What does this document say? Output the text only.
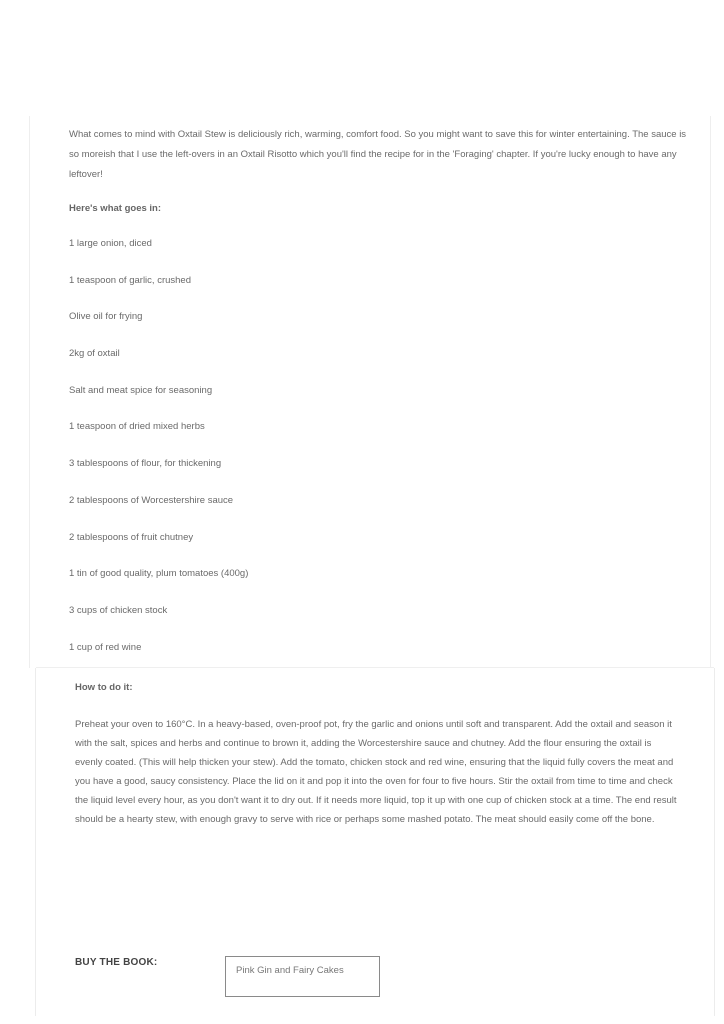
What comes to mind with Oxtail Stew is deliciously rich, warming, comfort food. So you might want to save this for winter entertaining. The sauce is so moreish that I use the left-overs in an Oxtail Risotto which you'll find the recipe for in the 'Foraging' chapter. If you're lucky enough to have any leftover!

Here's what goes in:

1 large onion, diced
1 teaspoon of garlic, crushed
Olive oil for frying
2kg of oxtail
Salt and meat spice for seasoning
1 teaspoon of dried mixed herbs
3 tablespoons of flour, for thickening
2 tablespoons of Worcestershire sauce
2 tablespoons of fruit chutney
1 tin of good quality, plum tomatoes (400g)
3 cups of chicken stock
1 cup of red wine

How to do it:

Preheat your oven to 160°C. In a heavy-based, oven-proof pot, fry the garlic and onions until soft and transparent. Add the oxtail and season it with the salt, spices and herbs and continue to brown it, adding the Worcestershire sauce and chutney. Add the flour ensuring the oxtail is evenly coated. (This will help thicken your stew). Add the tomato, chicken stock and red wine, ensuring that the liquid fully covers the meat and you have a good, saucy consistency. Place the lid on it and pop it into the oven for four to five hours. Stir the oxtail from time to time and check the liquid level every hour, as you don't want it to dry out. If it needs more liquid, top it up with one cup of chicken stock at a time. The end result should be a hearty stew, with enough gravy to serve with rice or perhaps some mashed potato. The meat should easily come off the bone.

BUY THE BOOK:
Pink Gin and Fairy Cakes
